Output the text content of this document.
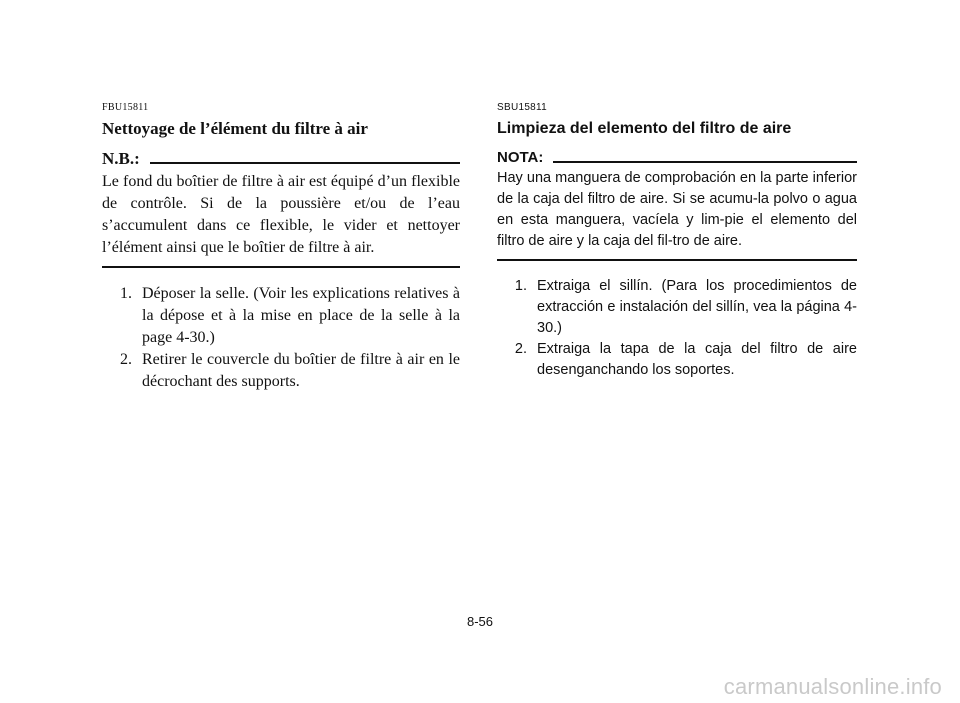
FBU15811
Nettoyage de l’élément du filtre à air
N.B.:

Le fond du boîtier de filtre à air est équipé d’un flexible de contrôle. Si de la poussière et/ou de l’eau s’accumulent dans ce flexible, le vider et nettoyer l’élément ainsi que le boîtier de filtre à air.

1. Déposer la selle. (Voir les explications relatives à la dépose et à la mise en place de la selle à la page 4-30.)
2. Retirer le couvercle du boîtier de filtre à air en le décrochant des supports.
SBU15811
Limpieza del elemento del filtro de aire
NOTA:

Hay una manguera de comprobación en la parte inferior de la caja del filtro de aire. Si se acumu-la polvo o agua en esta manguera, vacíela y lim-pie el elemento del filtro de aire y la caja del fil-tro de aire.

1. Extraiga el sillín. (Para los procedimientos de extracción e instalación del sillín, vea la página 4-30.)
2. Extraiga la tapa de la caja del filtro de aire desenganchando los soportes.
8-56
carmanualsonline.info
